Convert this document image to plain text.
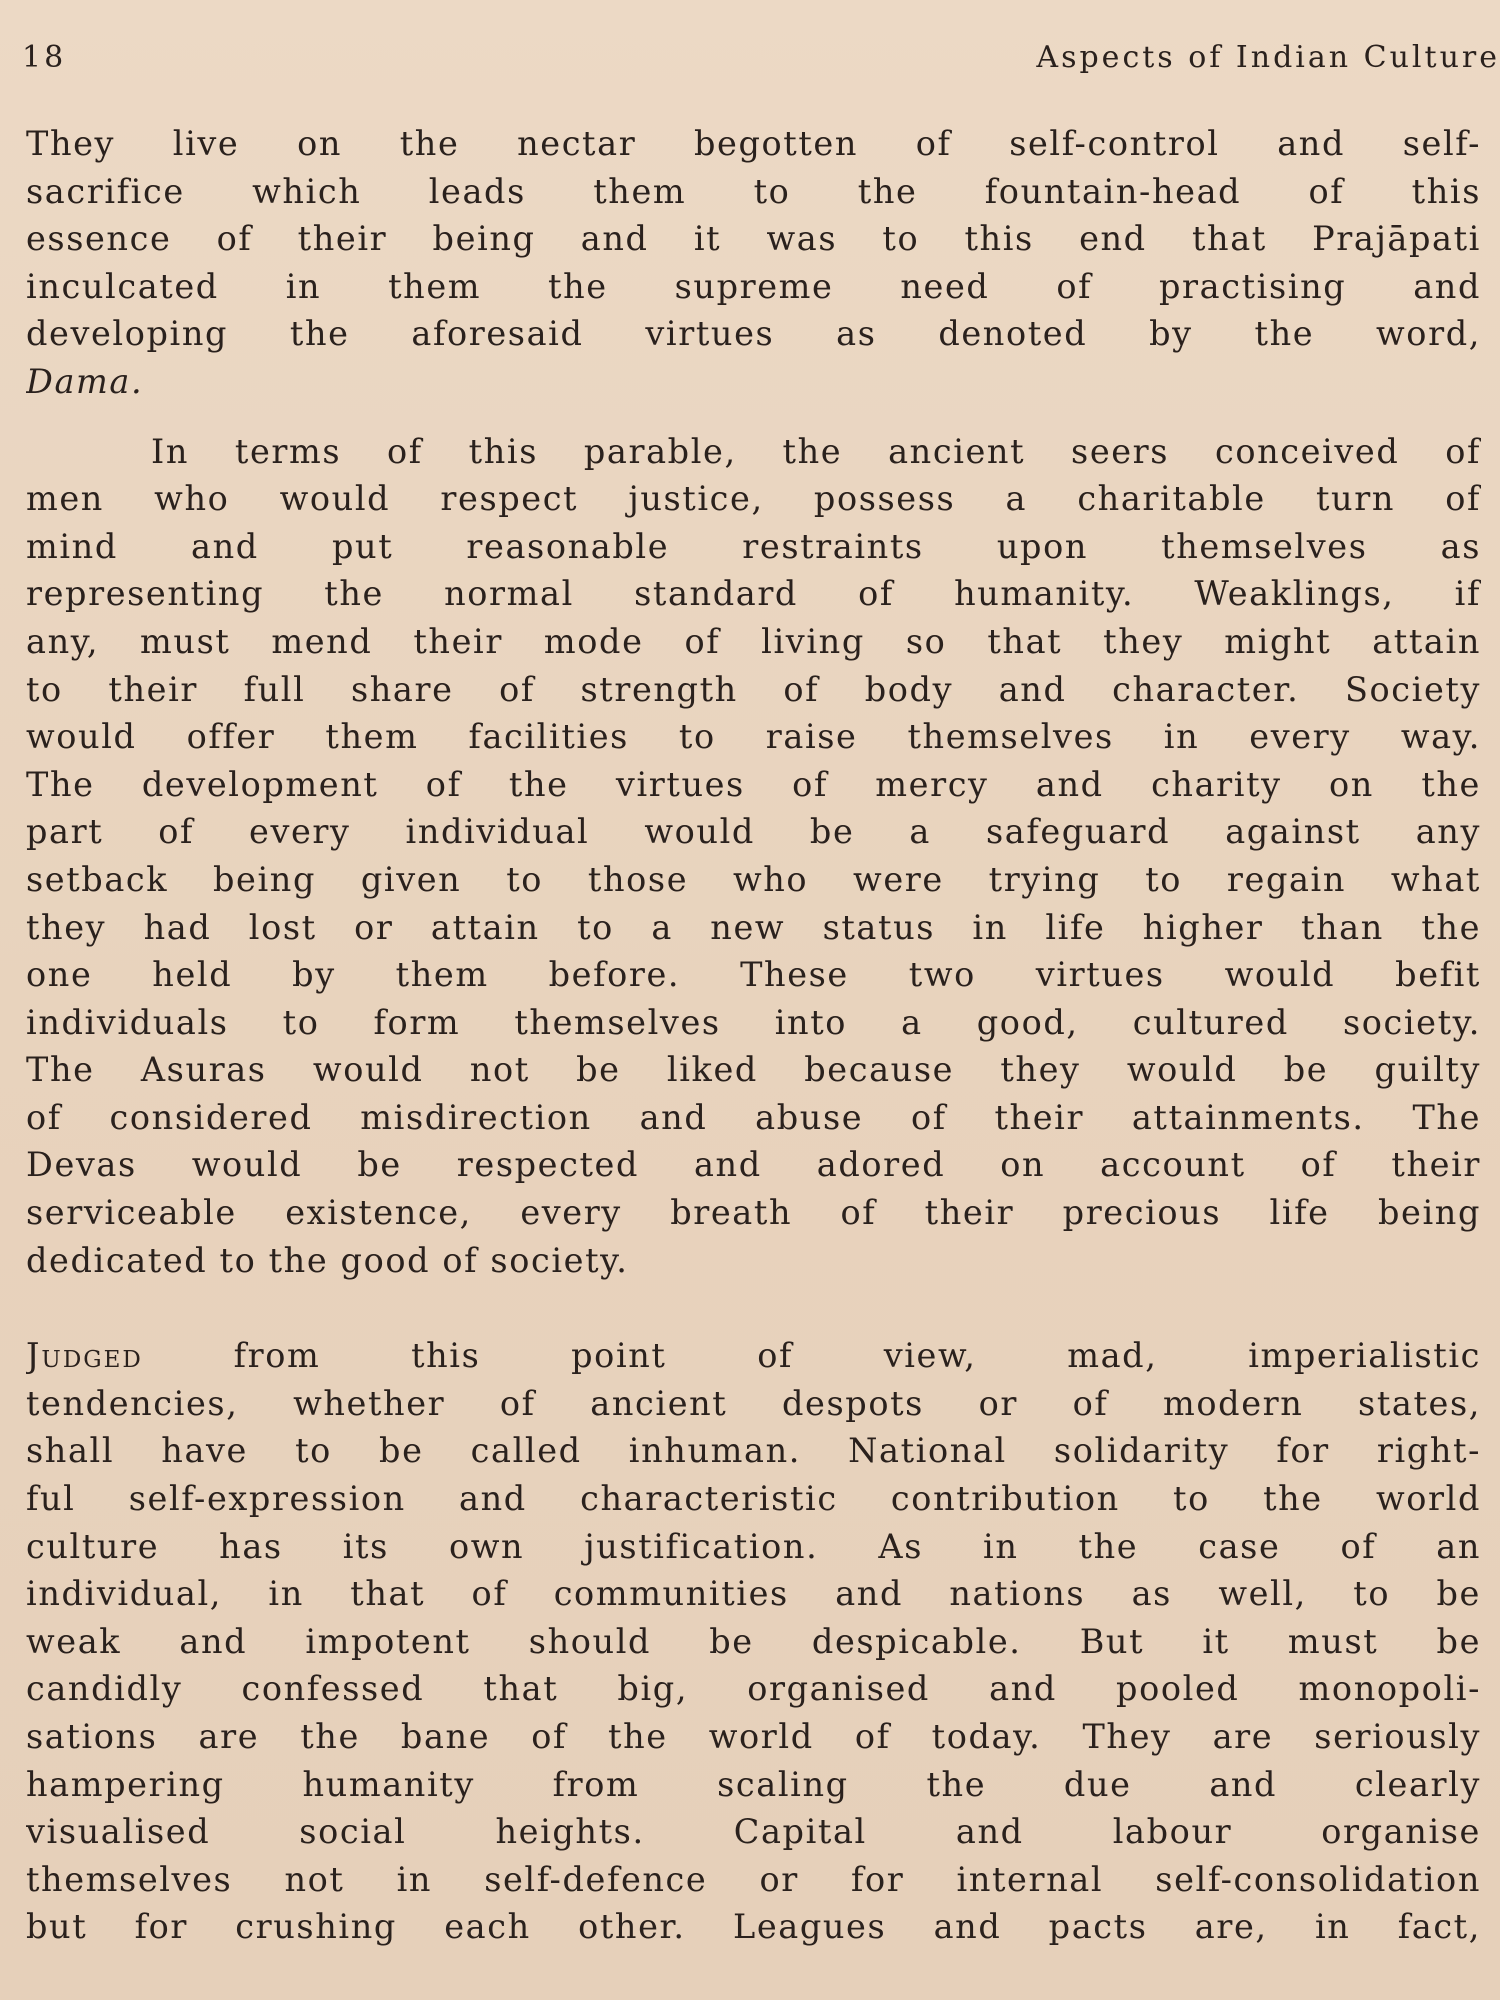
18	Aspects of Indian Culture
They live on the nectar begotten of self-control and self-
sacrifice which leads them to the fountain-head of this
essence of their being and it was to this end that Prajāpati
inculcated in them the supreme need of practising and
developing the aforesaid virtues as denoted by the word,
Dama.
In terms of this parable, the ancient seers conceived of
men who would respect justice, possess a charitable turn of
mind and put reasonable restraints upon themselves as
representing the normal standard of humanity. Weaklings, if
any, must mend their mode of living so that they might attain
to their full share of strength of body and character. Society
would offer them facilities to raise themselves in every way.
The development of the virtues of mercy and charity on the
part of every individual would be a safeguard against any
setback being given to those who were trying to regain what
they had lost or attain to a new status in life higher than the
one held by them before. These two virtues would befit
individuals to form themselves into a good, cultured society.
The Asuras would not be liked because they would be guilty
of considered misdirection and abuse of their attainments. The
Devas would be respected and adored on account of their
serviceable existence, every breath of their precious life being
dedicated to the good of society.
Judged	from this point of view, mad, imperialistic
tendencies, whether of ancient despots or of modern states,
shall have to be called inhuman. National solidarity for right-
ful self-expression and characteristic contribution to the world
culture has its own justification. As in the case of an
individual, in that of communities and nations as well, to be
weak and impotent should be despicable. But it must be
candidly confessed that big, organised and pooled monopoli-
sations are the bane of the world of today. They are seriously
hampering humanity from scaling the due and clearly
visualised social heights. Capital and labour organise
themselves not in self-defence or for internal self-consolidation
but for crushing each other. Leagues and pacts are, in fact,
